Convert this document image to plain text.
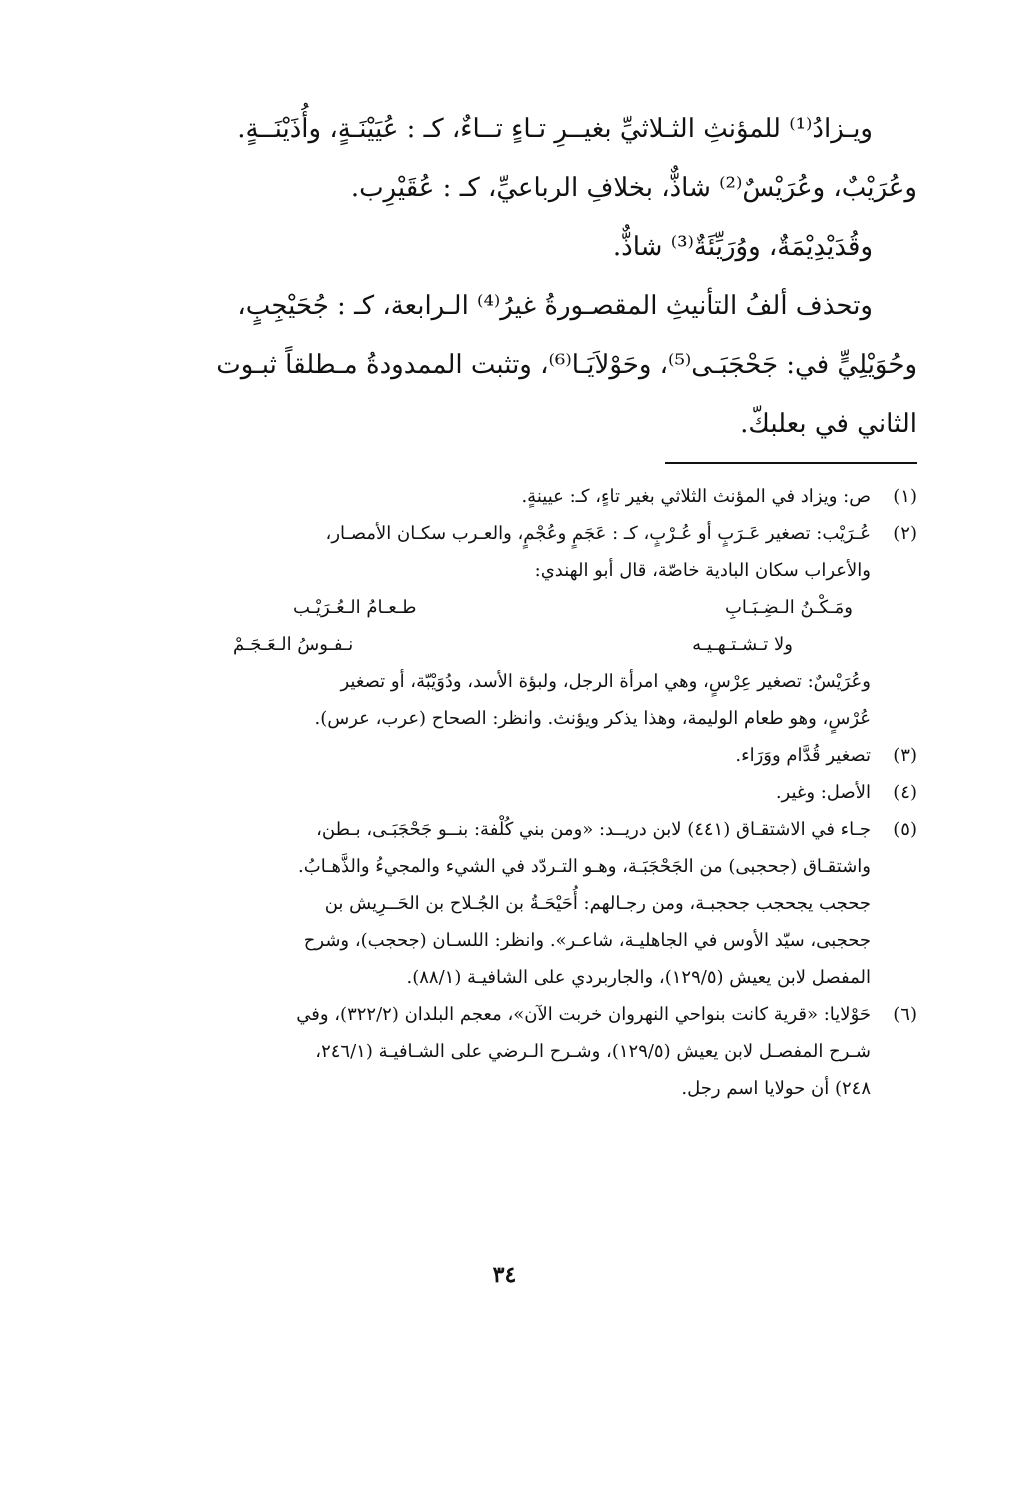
ويـزادُ⁽¹⁾ للمؤنثِ الثـلاثيِّ بغيــرِ تـاءٍ تــاءٌ، كـ : عُيَيْنَـةٍ، وأُذَيْنَــةٍ.

وعُرَيْبٌ، وعُرَيْسٌ⁽²⁾ شاذٌّ، بخلافِ الرباعيِّ، كـ : عُقَيْرِب.

وقُدَيْدِيْمَةٌ، ووُرَيِّئَةٌ⁽³⁾ شاذٌّ.

وتحذف ألفُ التأنيثِ المقصـورةُ غيرُ⁽⁴⁾ الـرابعة، كـ : جُحَيْجِبٍ،

وحُوَيْلِيٍّ في: جَحْجَبَـى⁽⁵⁾، وحَوْلاَيَـا⁽⁶⁾، وتثبت الممدودةُ مـطلقاً ثبـوت

الثاني في بعلبكّ.

(١)

ص: ويزاد في المؤنث الثلاثي بغير تاءٍ، كـ: عيينةٍ.

(٢)

عُـرَيْب: تصغير عَـرَبٍ أو عُـرْبٍ، كـ : عَجَمٍ وعُجْمٍ، والعـرب سكـان الأمصـار،

والأعراب سكان البادية خاصّة، قال أبو الهندي:

ومَـكْـنُ الـضِـبَـابِ
طـعـامُ الـعُـرَيْـب
ولا تـشـتـهـيـه
نـفـوسُ الـعَـجَـمْ

وعُرَيْسٌ: تصغير عِرْسٍ، وهي امرأة الرجل، ولبؤة الأسد، ودُوَيْبّة، أو تصغير

عُرْسٍ، وهو طعام الوليمة، وهذا يذكر ويؤنث. وانظر: الصحاح (عرب، عرس).

(٣)

تصغير قُدَّام ووَرَاء.

(٤)

الأصل: وغير.

(٥)

جـاء في الاشتقـاق (٤٤١) لابن دريــد: «ومن بني كُلْفة: بنــو جَحْجَبَـى، بـطن،

واشتقـاق (جحجبى) من الجَحْجَبَـة، وهـو التـردّد في الشيء والمجيءُ والذَّهـابُ.

جحجب يجحجب جحجبـة، ومن رجـالهم: أُحَيْحَـةُ بن الجُـلاح بن الحَــرِيش بن

جحجبى، سيّد الأوس في الجاهليـة، شاعـر». وانظر: اللسـان (جحجب)، وشرح

المفصل لابن يعيش (١٢٩/٥)، والجاربردي على الشافيـة (٨٨/١).

(٦)

حَوْلايا: «قرية كانت بنواحي النهروان خربت الآن»، معجم البلدان (٣٢٢/٢)، وفي

شـرح المفصـل لابن يعيش (١٢٩/٥)، وشـرح الـرضي على الشـافيـة (٢٤٦/١،

٢٤٨) أن حولايا اسم رجل.

٣٤
